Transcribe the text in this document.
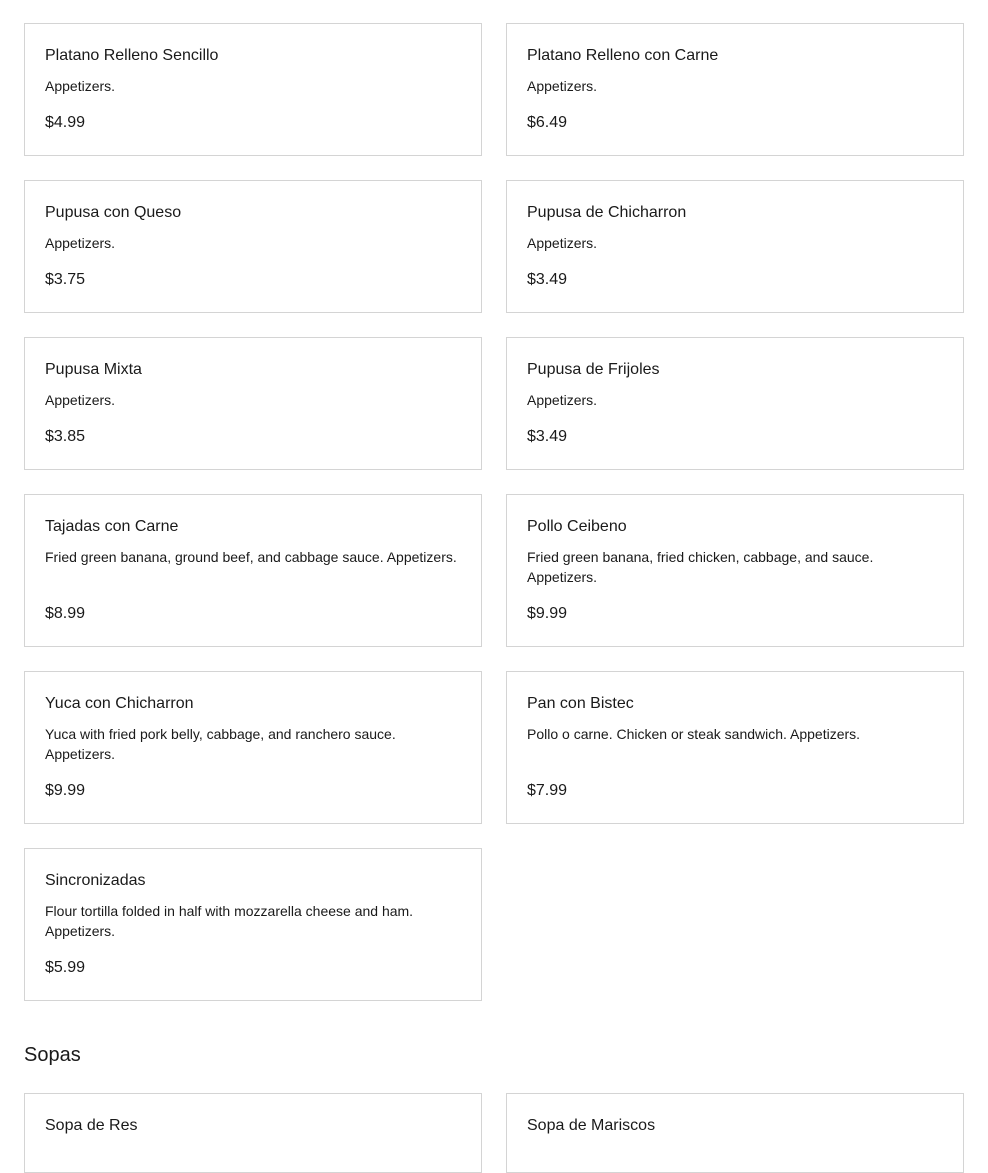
Platano Relleno Sencillo
Appetizers.
$4.99
Platano Relleno con Carne
Appetizers.
$6.49
Pupusa con Queso
Appetizers.
$3.75
Pupusa de Chicharron
Appetizers.
$3.49
Pupusa Mixta
Appetizers.
$3.85
Pupusa de Frijoles
Appetizers.
$3.49
Tajadas con Carne
Fried green banana, ground beef, and cabbage sauce. Appetizers.
$8.99
Pollo Ceibeno
Fried green banana, fried chicken, cabbage, and sauce. Appetizers.
$9.99
Yuca con Chicharron
Yuca with fried pork belly, cabbage, and ranchero sauce. Appetizers.
$9.99
Pan con Bistec
Pollo o carne. Chicken or steak sandwich. Appetizers.
$7.99
Sincronizadas
Flour tortilla folded in half with mozzarella cheese and ham. Appetizers.
$5.99
Sopas
Sopa de Res	Sopa de Mariscos
